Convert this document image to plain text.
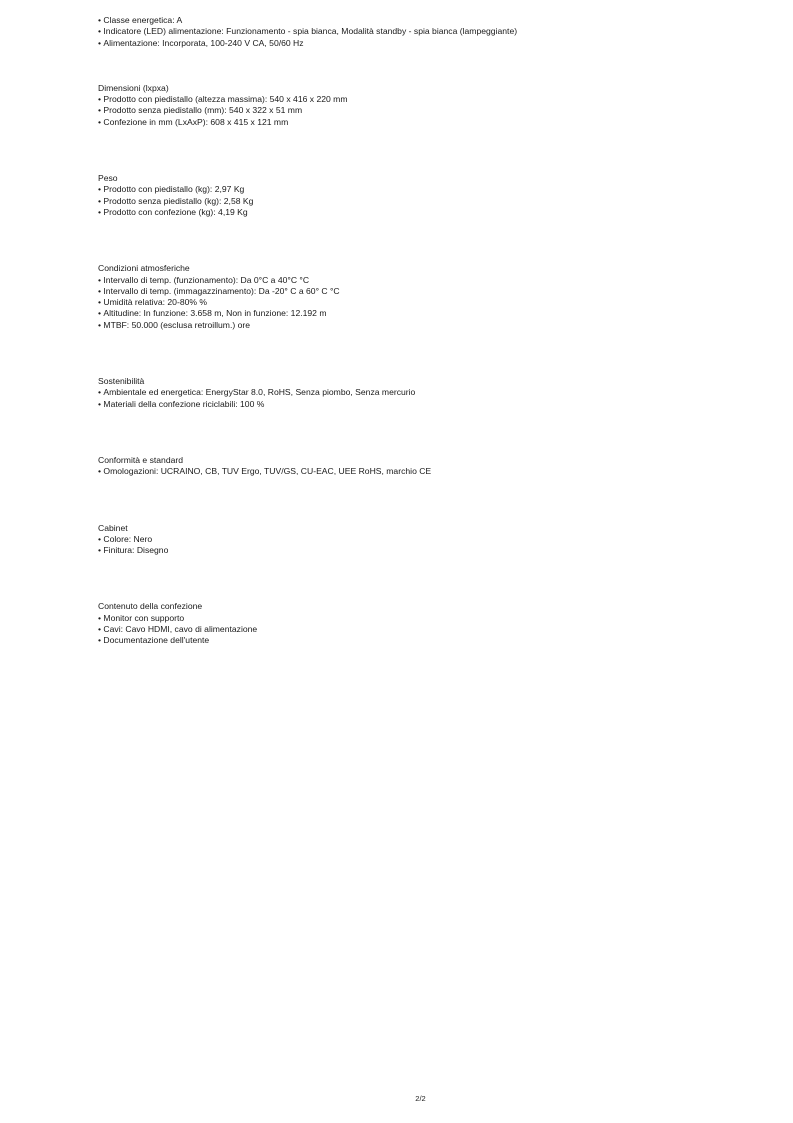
• Classe energetica: A
• Indicatore (LED) alimentazione: Funzionamento - spia bianca, Modalità standby - spia bianca (lampeggiante)
• Alimentazione: Incorporata, 100-240 V CA, 50/60 Hz
Dimensioni (lxpxa)
• Prodotto con piedistallo (altezza massima): 540 x 416 x 220 mm
• Prodotto senza piedistallo (mm): 540 x 322 x 51 mm
• Confezione in mm (LxAxP): 608 x 415 x 121 mm
Peso
• Prodotto con piedistallo (kg): 2,97 Kg
• Prodotto senza piedistallo (kg): 2,58 Kg
• Prodotto con confezione (kg): 4,19 Kg
Condizioni atmosferiche
• Intervallo di temp. (funzionamento): Da 0°C a 40°C °C
• Intervallo di temp. (immagazzinamento): Da -20° C a 60° C °C
• Umidità relativa: 20-80% %
• Altitudine: In funzione: 3.658 m, Non in funzione: 12.192 m
• MTBF: 50.000 (esclusa retroillum.) ore
Sostenibilità
• Ambientale ed energetica: EnergyStar 8.0, RoHS, Senza piombo, Senza mercurio
• Materiali della confezione riciclabili: 100 %
Conformità e standard
• Omologazioni: UCRAINO, CB, TUV Ergo, TUV/GS, CU-EAC, UEE RoHS, marchio CE
Cabinet
• Colore: Nero
• Finitura: Disegno
Contenuto della confezione
• Monitor con supporto
• Cavi: Cavo HDMI, cavo di alimentazione
• Documentazione dell'utente
2/2
